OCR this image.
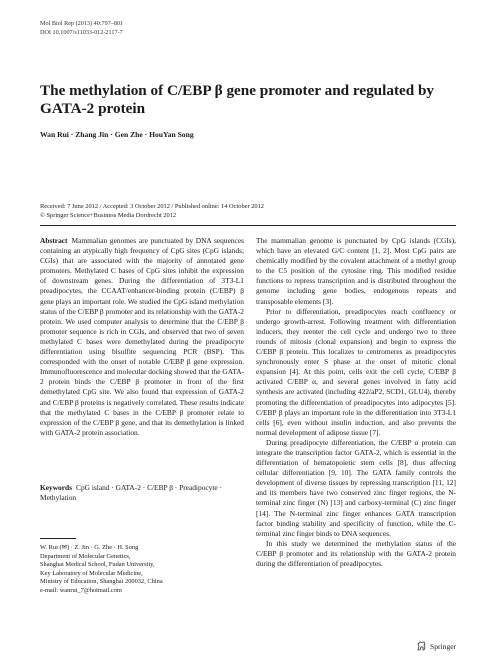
Mol Biol Rep (2013) 40:797–801
DOI 10.1007/s11033-012-2117-7
The methylation of C/EBP β gene promoter and regulated by GATA-2 protein
Wan Rui · Zhang Jin · Gen Zhe · HouYan Song
Received: 7 June 2012 / Accepted: 3 October 2012 / Published online: 14 October 2012
© Springer Science+Business Media Dordrecht 2012

Abstract Mammalian genomes are punctuated by DNA sequences containing an atypically high frequency of CpG sites (CpG islands; CGIs) that are associated with the majority of annotated gene promoters. Methylated C bases of CpG sites inhibit the expression of downstream genes. During the differentiation of 3T3-L1 preadipocytes, the CCAAT/enhancer-binding protein (C/EBP) β gene plays an important role. We studied the CpG island methylation status of the C/EBP β promoter and its relationship with the GATA-2 protein. We used computer analysis to determine that the C/EBP β promoter sequence is rich in CGIs, and observed that two of seven methylated C bases were demethylated during the preadipocyte differentiation using bisulfite sequencing PCR (BSP). This corresponded with the onset of notable C/EBP β gene expression. Immunofluorescence and molecular docking showed that the GATA-2 protein binds the C/EBP β promoter in front of the first demethylated CpG site. We also found that expression of GATA-2 and C/EBP β proteins is negatively correlated. These results indicate that the methylated C bases in the C/EBP β promoter relate to expression of the C/EBP β gene, and that its demethylation is linked with GATA-2 protein association.

Keywords CpG island · GATA-2 · C/EBP β · Preadipocyte · Methylation
W. Rui (✉) · Z. Jin · G. Zhe · H. Song
Department of Molecular Genetics,
Shanghai Medical School, Fudan University,
Key Laboratory of Molecular Medicine,
Ministry of Education, Shanghai 200032, China
e-mail: wanrui_7@hotmail.com

The mammalian genome is punctuated by CpG islands (CGIs), which have an elevated G/C content [1, 2]. Most CpG pairs are chemically modified by the covalent attachment of a methyl group to the C5 position of the cytosine ring. This modified residue functions to repress transcription and is distributed throughout the genome including gene bodies, endogenous repeats and transposable elements [3].

Prior to differentiation, preadipocytes reach confluency or undergo growth-arrest. Following treatment with differentiation inducers, they reenter the cell cycle and undergo two to three rounds of mitosis (clonal expansion) and begin to express the C/EBP β protein. This localizes to centromeres as preadipocytes synchronously enter S phase at the onset of mitotic clonal expansion [4]. At this point, cells exit the cell cycle, C/EBP β activated C/EBP α, and several genes involved in fatty acid synthesis are activated (including 422/aP2, SCD1, GLU4), thereby promoting the differentiation of preadipocytes into adipocytes [5]. C/EBP β plays an important role in the differentiation into 3T3-L1 cells [6], even without insulin induction, and also prevents the normal development of adipose tissue [7].

During preadipocyte differentiation, the C/EBP α protein can integrate the transcription factor GATA-2, which is essential in the differentiation of hematopoietic stem cells [8], thus affecting cellular differentiation [9, 10]. The GATA family controls the development of diverse tissues by repressing transcription [11, 12] and its members have two conserved zinc finger regions, the N-terminal zinc finger (N) [13] and carboxy-terminal (C) zinc finger [14]. The N-terminal zinc finger enhances GATA transcription factor binding stability and specificity of function, while the C-terminal zinc finger binds to DNA sequences.

In this study we determined the methylation status of the C/EBP β promoter and its relationship with the GATA-2 protein during the differentiation of preadipocytes.

Springer
